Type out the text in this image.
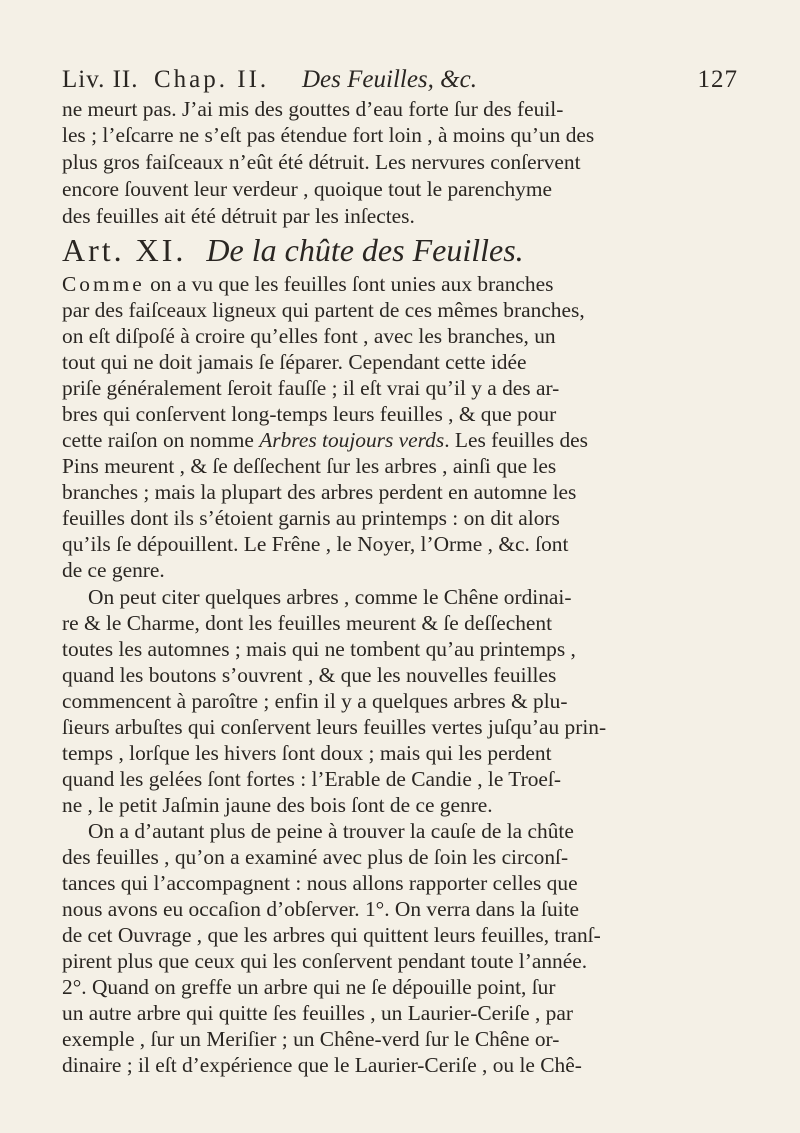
Liv. II. Chap. II. Des Feuilles, &c.	127
ne meurt pas. J’ai mis des gouttes d’eau forte ſur des feuil-
les ; l’eſcarre ne s’eſt pas étendue fort loin , à moins qu’un des
plus gros faiſceaux n’eût été détruit. Les nervures conſervent
encore ſouvent leur verdeur , quoique tout le parenchyme
des feuilles ait été détruit par les inſectes.
Art. XI. De la chûte des Feuilles.
Comme on a vu que les feuilles ſont unies aux branches
par des faiſceaux ligneux qui partent de ces mêmes branches,
on eſt diſpoſé à croire qu’elles font , avec les branches, un
tout qui ne doit jamais ſe ſéparer. Cependant cette idée
priſe généralement ſeroit fauſſe ; il eſt vrai qu’il y a des ar-
bres qui conſervent long-temps leurs feuilles , & que pour
cette raiſon on nomme Arbres toujours verds. Les feuilles des
Pins meurent , & ſe deſſechent ſur les arbres , ainſi que les
branches ; mais la plupart des arbres perdent en automne les
feuilles dont ils s’étoient garnis au printemps : on dit alors
qu’ils ſe dépouillent. Le Frêne , le Noyer, l’Orme , &c. ſont
de ce genre.
On peut citer quelques arbres , comme le Chêne ordinai-
re & le Charme, dont les feuilles meurent & ſe deſſechent
toutes les automnes ; mais qui ne tombent qu’au printemps ,
quand les boutons s’ouvrent , & que les nouvelles feuilles
commencent à paroître ; enfin il y a quelques arbres & plu-
ſieurs arbuſtes qui conſervent leurs feuilles vertes juſqu’au prin-
temps , lorſque les hivers ſont doux ; mais qui les perdent
quand les gelées ſont fortes : l’Erable de Candie , le Troeſ-
ne , le petit Jaſmin jaune des bois ſont de ce genre.
On a d’autant plus de peine à trouver la cauſe de la chûte
des feuilles , qu’on a examiné avec plus de ſoin les circonſ-
tances qui l’accompagnent : nous allons rapporter celles que
nous avons eu occaſion d’obſerver. 1°. On verra dans la ſuite
de cet Ouvrage , que les arbres qui quittent leurs feuilles, tranſ-
pirent plus que ceux qui les conſervent pendant toute l’année.
2°. Quand on greffe un arbre qui ne ſe dépouille point, ſur
un autre arbre qui quitte ſes feuilles , un Laurier-Ceriſe , par
exemple , ſur un Meriſier ; un Chêne-verd ſur le Chêne or-
dinaire ; il eſt d’expérience que le Laurier-Ceriſe , ou le Chê-
